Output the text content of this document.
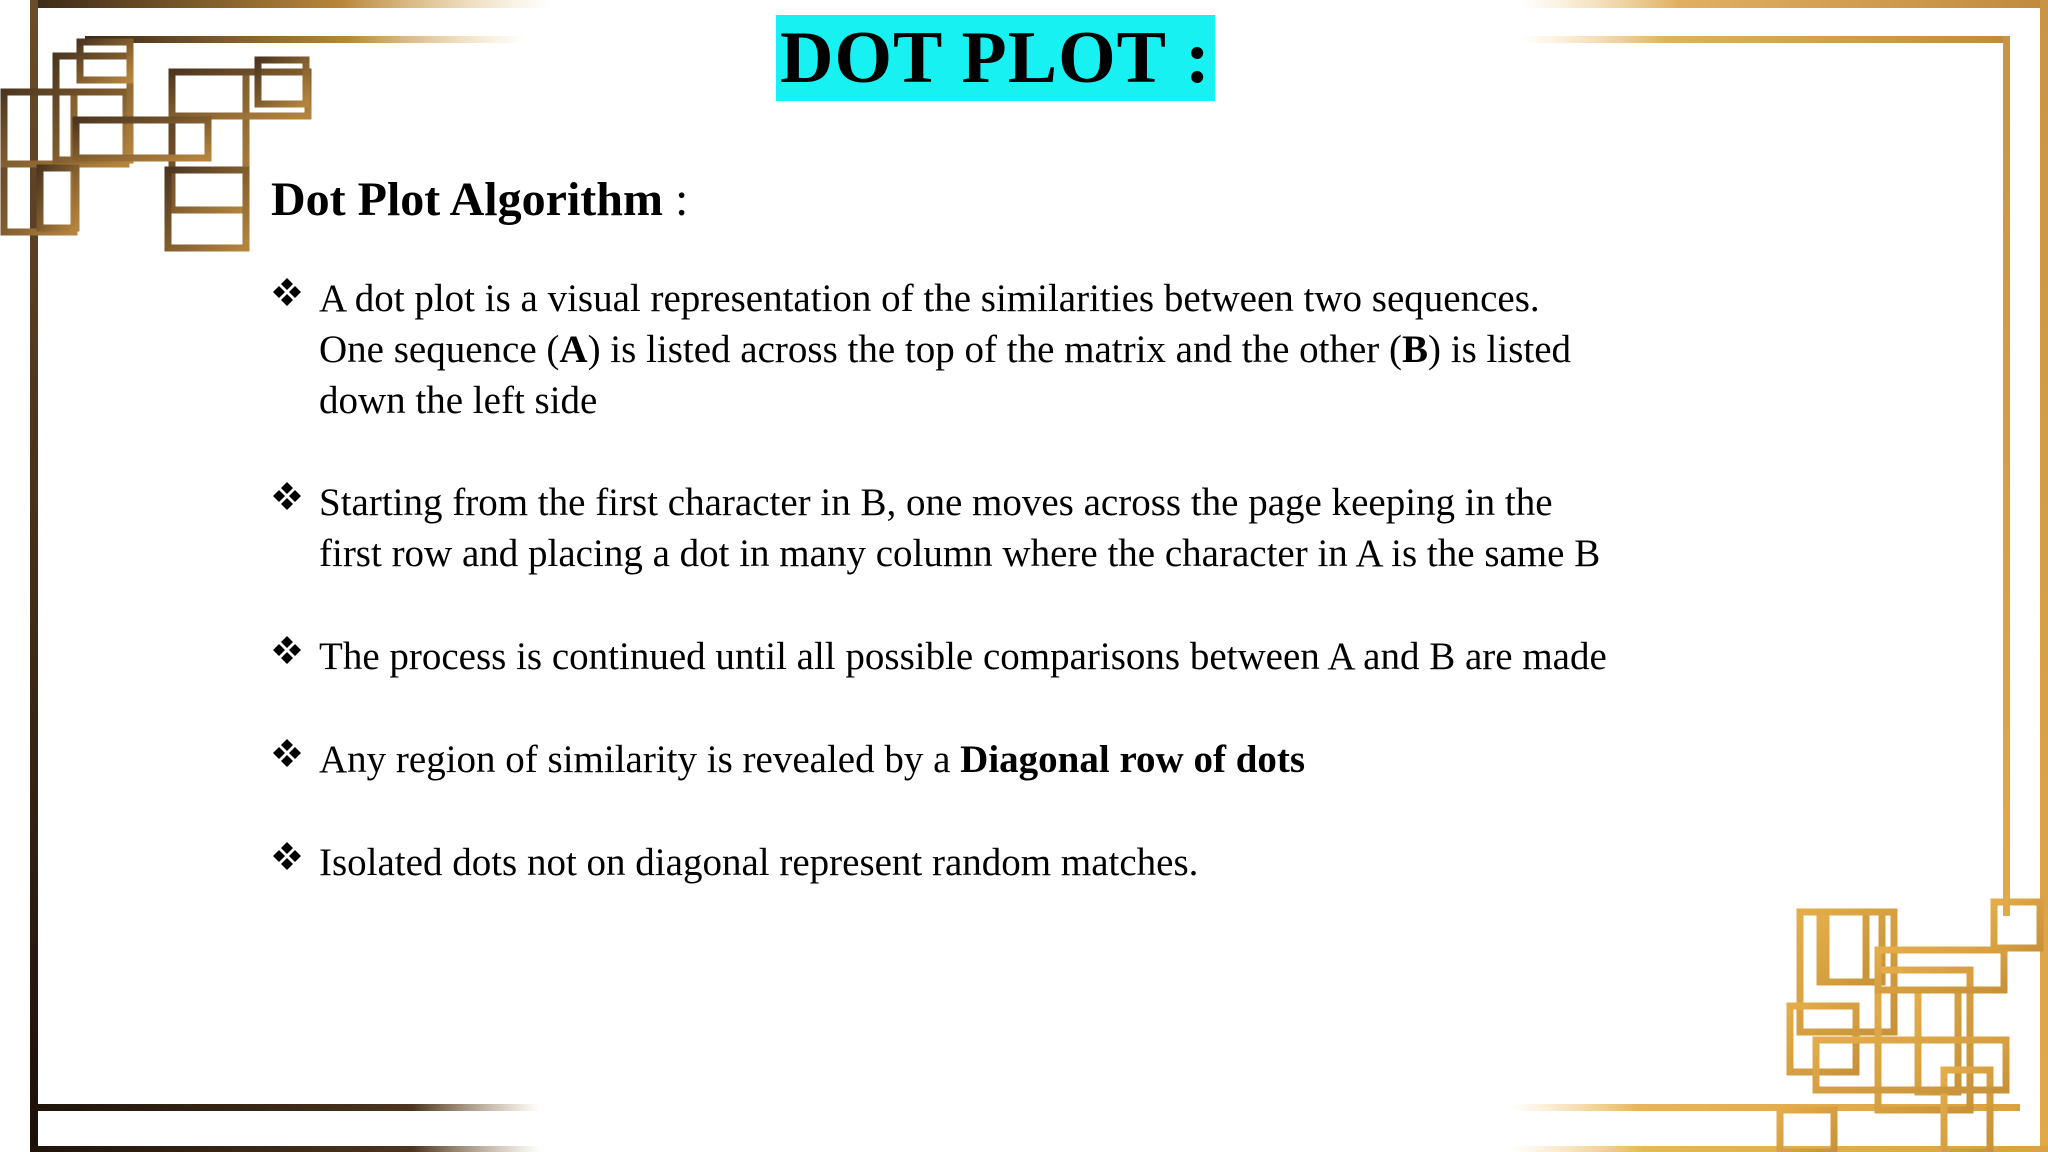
DOT PLOT :
Dot Plot Algorithm :
A dot plot is a visual representation of the similarities between two sequences.
One sequence (A) is listed across the top of the matrix and the other (B) is listed
down the left side
Starting from the first character in B, one moves across the page keeping in the
first row and placing a dot in many column where the character in A is the same B
The process is continued until all possible comparisons between A and B are made
Any region of similarity is revealed by a Diagonal row of dots
Isolated dots not on diagonal represent random matches.
